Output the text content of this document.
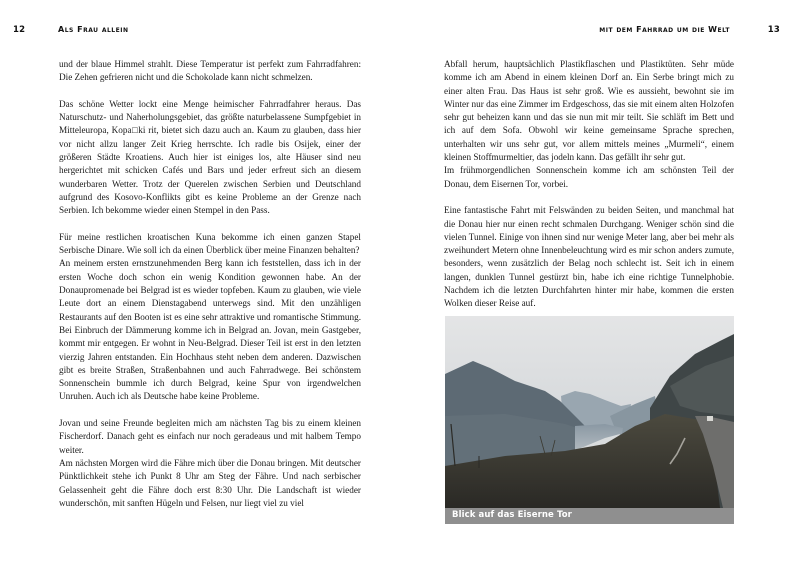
12	Als Frau allein

und der blaue Himmel strahlt. Diese Temperatur ist perfekt zum Fahrradfahren: Die Zehen gefrieren nicht und die Schokolade kann nicht schmelzen.

Das schöne Wetter lockt eine Menge heimischer Fahrradfahrer heraus. Das Naturschutz- und Naherholungsgebiet, das größte naturbelassene Sumpfgebiet in Mitteleuropa, Kopa□ki rit, bietet sich dazu auch an. Kaum zu glauben, dass hier vor nicht allzu langer Zeit Krieg herrschte. Ich radle bis Osijek, einer der größeren Städte Kroatiens. Auch hier ist einiges los, alte Häuser sind neu hergerichtet mit schicken Cafés und Bars und jeder erfreut sich an diesem wunderbaren Wetter. Trotz der Querelen zwischen Serbien und Deutschland aufgrund des Kosovo-Konflikts gibt es keine Probleme an der Grenze nach Serbien. Ich bekomme wieder einen Stempel in den Pass.

Für meine restlichen kroatischen Kuna bekomme ich einen ganzen Stapel Serbische Dinare. Wie soll ich da einen Überblick über meine Finanzen behalten?

An meinem ersten ernstzunehmenden Berg kann ich feststellen, dass ich in der ersten Woche doch schon ein wenig Kondition gewonnen habe. An der Donaupromenade bei Belgrad ist es wieder topfeben. Kaum zu glauben, wie viele Leute dort an einem Dienstagabend unterwegs sind. Mit den unzähligen Restaurants auf den Booten ist es eine sehr attraktive und romantische Stimmung. Bei Einbruch der Dämmerung komme ich in Belgrad an. Jovan, mein Gastgeber, kommt mir entgegen. Er wohnt in Neu-Belgrad. Dieser Teil ist erst in den letzten vierzig Jahren entstanden. Ein Hochhaus steht neben dem anderen. Dazwischen gibt es breite Straßen, Straßenbahnen und auch Fahrradwege. Bei schönstem Sonnenschein bummle ich durch Belgrad, keine Spur von irgendwelchen Unruhen. Auch ich als Deutsche habe keine Probleme.

Jovan und seine Freunde begleiten mich am nächsten Tag bis zu einem kleinen Fischerdorf. Danach geht es einfach nur noch geradeaus und mit halbem Tempo weiter.

Am nächsten Morgen wird die Fähre mich über die Donau bringen. Mit deutscher Pünktlichkeit stehe ich Punkt 8 Uhr am Steg der Fähre. Und nach serbischer Gelassenheit geht die Fähre doch erst 8:30 Uhr. Die Landschaft ist wieder wunderschön, mit sanften Hügeln und Felsen, nur liegt viel zu viel

mit dem Fahrrad um die Welt	13

Abfall herum, hauptsächlich Plastikflaschen und Plastiktüten. Sehr müde komme ich am Abend in einem kleinen Dorf an. Ein Serbe bringt mich zu einer alten Frau. Das Haus ist sehr groß. Wie es aussieht, bewohnt sie im Winter nur das eine Zimmer im Erdgeschoss, das sie mit einem alten Holzofen sehr gut beheizen kann und das sie nun mit mir teilt. Sie schläft im Bett und ich auf dem Sofa. Obwohl wir keine gemeinsame Sprache sprechen, unterhalten wir uns sehr gut, vor allem mittels meines „Murmeli“, einem kleinen Stoffmurmeltier, das jodeln kann. Das gefällt ihr sehr gut.

Im frühmorgendlichen Sonnenschein komme ich am schönsten Teil der Donau, dem Eisernen Tor, vorbei.

Eine fantastische Fahrt mit Felswänden zu beiden Seiten, und manchmal hat die Donau hier nur einen recht schmalen Durchgang. Weniger schön sind die vielen Tunnel. Einige von ihnen sind nur wenige Meter lang, aber bei mehr als zweihundert Metern ohne Innenbeleuchtung wird es mir schon anders zumute, besonders, wenn zusätzlich der Belag noch schlecht ist. Seit ich in einem langen, dunklen Tunnel gestürzt bin, habe ich eine richtige Tunnelphobie. Nachdem ich die letzten Durchfahrten hinter mir habe, kommen die ersten Wolken dieser Reise auf.

Blick auf das Eiserne Tor
